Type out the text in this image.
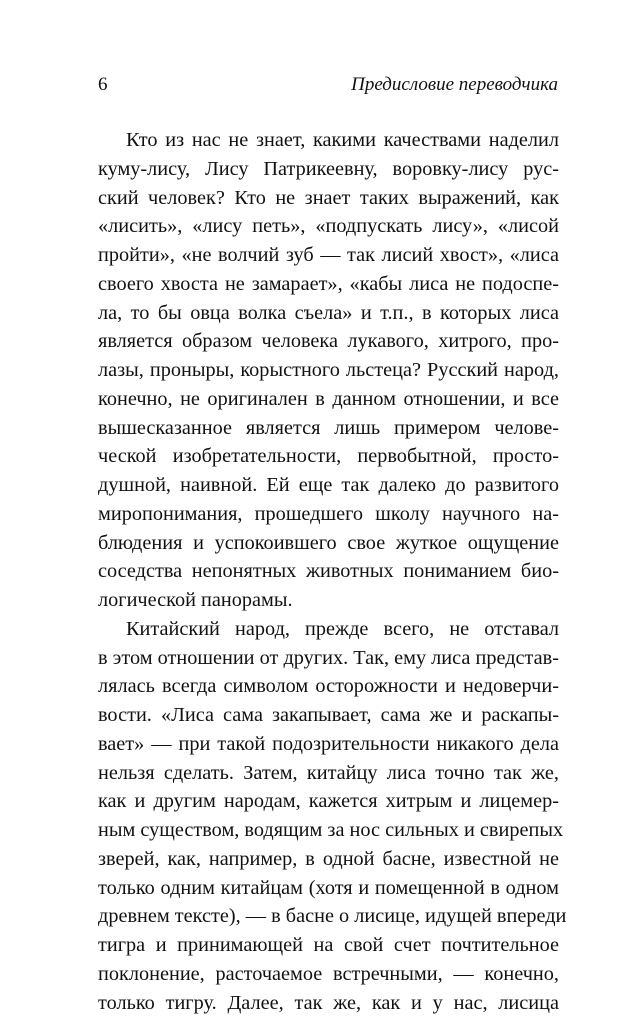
6	Предисловие переводчика

Кто из нас не знает, какими качествами наделил
куму-лису, Лису Патрикеевну, воровку-лису рус-
ский человек? Кто не знает таких выражений, как
«лисить», «лису петь», «подпускать лису», «лисой
пройти», «не волчий зуб — так лисий хвост», «лиса
своего хвоста не замарает», «кабы лиса не подоспе-
ла, то бы овца волка съела» и т.п., в которых лиса
является образом человека лукавого, хитрого, про-
лазы, проныры, корыстного льстеца? Русский народ,
конечно, не оригинален в данном отношении, и все
вышесказанное является лишь примером челове-
ческой изобретательности, первобытной, просто-
душной, наивной. Ей еще так далеко до развитого
миропонимания, прошедшего школу научного на-
блюдения и успокоившего свое жуткое ощущение
соседства непонятных животных пониманием био-
логической панорамы.
Китайский народ, прежде всего, не отставал
в этом отношении от других. Так, ему лиса представ-
лялась всегда символом осторожности и недоверчи-
вости. «Лиса сама закапывает, сама же и раскапы-
вает» — при такой подозрительности никакого дела
нельзя сделать. Затем, китайцу лиса точно так же,
как и другим народам, кажется хитрым и лицемер-
ным существом, водящим за нос сильных и свирепых
зверей, как, например, в одной басне, известной не
только одним китайцам (хотя и помещенной в одном
древнем тексте), — в басне о лисице, идущей впереди
тигра и принимающей на свой счет почтительное
поклонение, расточаемое встречными, — конечно,
только тигру. Далее, так же, как и у нас, лисица
